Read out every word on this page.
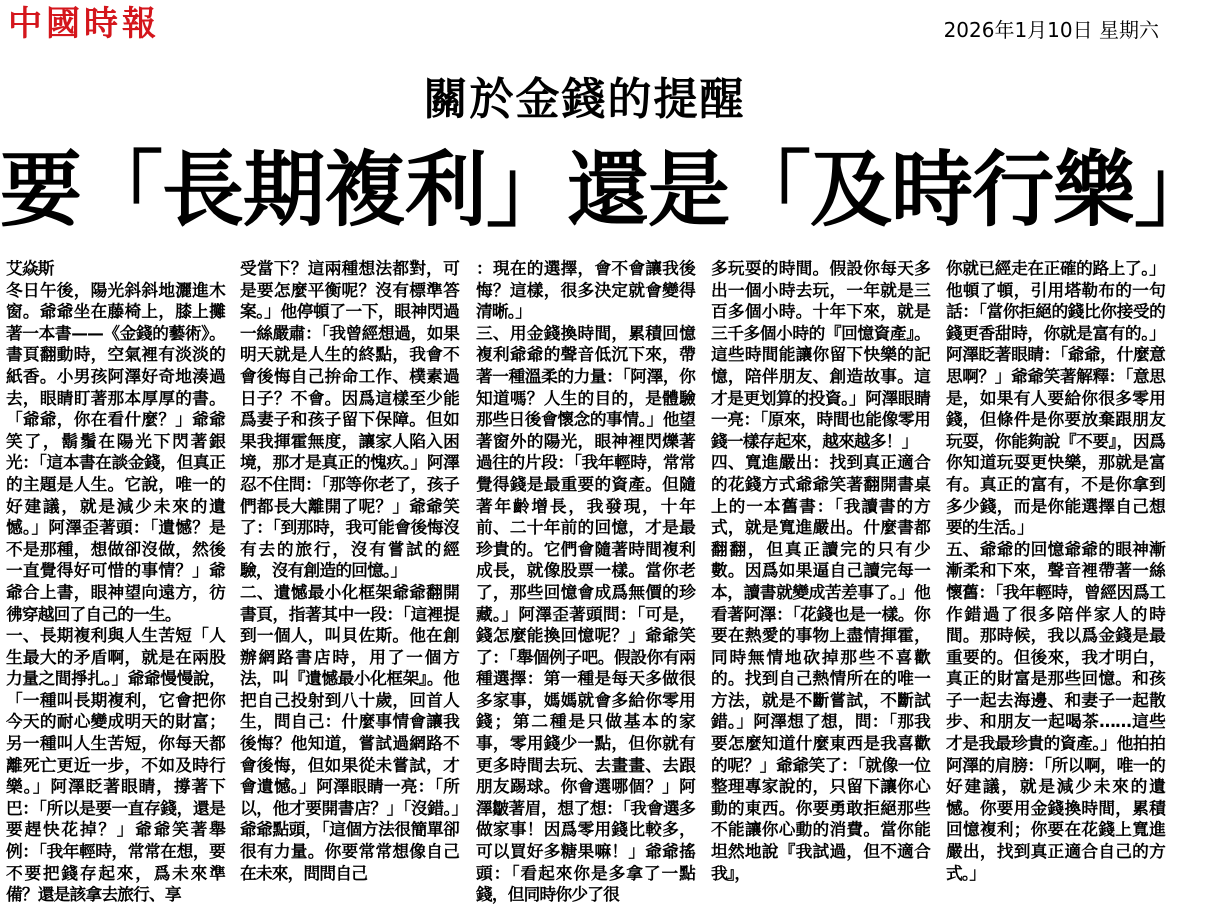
中國時報	2026年1月10日 星期六
關於金錢的提醒
要「長期複利」還是「及時行樂」

艾焱斯

冬日午後，陽光斜斜地灑進木窗。爺爺坐在藤椅上，膝上攤著一本書——《金錢的藝術》。書頁翻動時，空氣裡有淡淡的紙香。小男孩阿澤好奇地湊過去，眼睛盯著那本厚厚的書。「爺爺，你在看什麼？」爺爺笑了，鬍鬚在陽光下閃著銀光：「這本書在談金錢，但真正的主題是人生。它說，唯一的好建議，就是減少未來的遺憾。」阿澤歪著頭：「遺憾？是不是那種，想做卻沒做，然後一直覺得好可惜的事情？」爺爺合上書，眼神望向遠方，彷彿穿越回了自己的一生。

一、長期複利與人生苦短「人生最大的矛盾啊，就是在兩股力量之間掙扎。」爺爺慢慢說，「一種叫長期複利，它會把你今天的耐心變成明天的財富；另一種叫人生苦短，你每天都離死亡更近一步，不如及時行樂。」阿澤眨著眼睛，撐著下巴：「所以是要一直存錢，還是要趕快花掉？」爺爺笑著舉例：「我年輕時，常常在想，要不要把錢存起來，爲未來準備？還是該拿去旅行、享

受當下？這兩種想法都對，可是要怎麼平衡呢？沒有標準答案。」他停頓了一下，眼神閃過一絲嚴肅：「我曾經想過，如果明天就是人生的終點，我會不會後悔自己拚命工作、樸素過日子？不會。因爲這樣至少能爲妻子和孩子留下保障。但如果我揮霍無度，讓家人陷入困境，那才是真正的愧疚。」阿澤忍不住問：「那等你老了，孩子們都長大離開了呢？」爺爺笑了：「到那時，我可能會後悔沒有去的旅行，沒有嘗試的經驗，沒有創造的回憶。」

二、遺憾最小化框架爺爺翻開書頁，指著其中一段：「這裡提到一個人，叫貝佐斯。他在創辦網路書店時，用了一個方法，叫『遺憾最小化框架』。他把自己投射到八十歲，回首人生，問自己：什麼事情會讓我後悔？他知道，嘗試過網路不會後悔，但如果從未嘗試，才會遺憾。」阿澤眼睛一亮：「所以，他才要開書店？」「沒錯。」爺爺點頭，「這個方法很簡單卻很有力量。你要常常想像自己在未來，問問自己

：現在的選擇，會不會讓我後悔？這樣，很多決定就會變得清晰。」

三、用金錢換時間，累積回憶複利爺爺的聲音低沉下來，帶著一種溫柔的力量：「阿澤，你知道嗎？人生的目的，是體驗那些日後會懷念的事情。」他望著窗外的陽光，眼神裡閃爍著過往的片段：「我年輕時，常常覺得錢是最重要的資產。但隨著年齡增長，我發現，十年前、二十年前的回憶，才是最珍貴的。它們會隨著時間複利成長，就像股票一樣。當你老了，那些回憶會成爲無價的珍藏。」阿澤歪著頭問：「可是，錢怎麼能換回憶呢？」爺爺笑了：「舉個例子吧。假設你有兩種選擇：第一種是每天多做很多家事，媽媽就會多給你零用錢；第二種是只做基本的家事，零用錢少一點，但你就有更多時間去玩、去畫畫、去跟朋友踢球。你會選哪個？」阿澤皺著眉，想了想：「我會選多做家事！因爲零用錢比較多，可以買好多糖果嘛！」爺爺搖頭：「看起來你是多拿了一點錢，但同時你少了很

多玩耍的時間。假設你每天多出一個小時去玩，一年就是三百多個小時。十年下來，就是三千多個小時的『回憶資產』。這些時間能讓你留下快樂的記憶，陪伴朋友、創造故事。這才是更划算的投資。」阿澤眼睛一亮：「原來，時間也能像零用錢一樣存起來，越來越多！」

四、寬進嚴出：找到真正適合的花錢方式爺爺笑著翻開書桌上的一本舊書：「我讀書的方式，就是寬進嚴出。什麼書都翻翻，但真正讀完的只有少數。因爲如果逼自己讀完每一本，讀書就變成苦差事了。」他看著阿澤：「花錢也是一樣。你要在熱愛的事物上盡情揮霍，同時無情地砍掉那些不喜歡的。找到自己熱情所在的唯一方法，就是不斷嘗試，不斷試錯。」阿澤想了想，問：「那我要怎麼知道什麼東西是我喜歡的呢？」爺爺笑了：「就像一位整理專家說的，只留下讓你心動的東西。你要勇敢拒絕那些不能讓你心動的消費。當你能坦然地說『我試過，但不適合我』，

你就已經走在正確的路上了。」他頓了頓，引用塔勒布的一句話：「當你拒絕的錢比你接受的錢更香甜時，你就是富有的。」阿澤眨著眼睛：「爺爺，什麼意思啊？」爺爺笑著解釋：「意思是，如果有人要給你很多零用錢，但條件是你要放棄跟朋友玩耍，你能夠說『不要』，因爲你知道玩耍更快樂，那就是富有。真正的富有，不是你拿到多少錢，而是你能選擇自己想要的生活。」

五、爺爺的回憶爺爺的眼神漸漸柔和下來，聲音裡帶著一絲懷舊：「我年輕時，曾經因爲工作錯過了很多陪伴家人的時間。那時候，我以爲金錢是最重要的。但後來，我才明白，真正的財富是那些回憶。和孩子一起去海邊、和妻子一起散步、和朋友一起喝茶……這些才是我最珍貴的資產。」他拍拍阿澤的肩膀：「所以啊，唯一的好建議，就是減少未來的遺憾。你要用金錢換時間，累積回憶複利；你要在花錢上寬進嚴出，找到真正適合自己的方式。」
